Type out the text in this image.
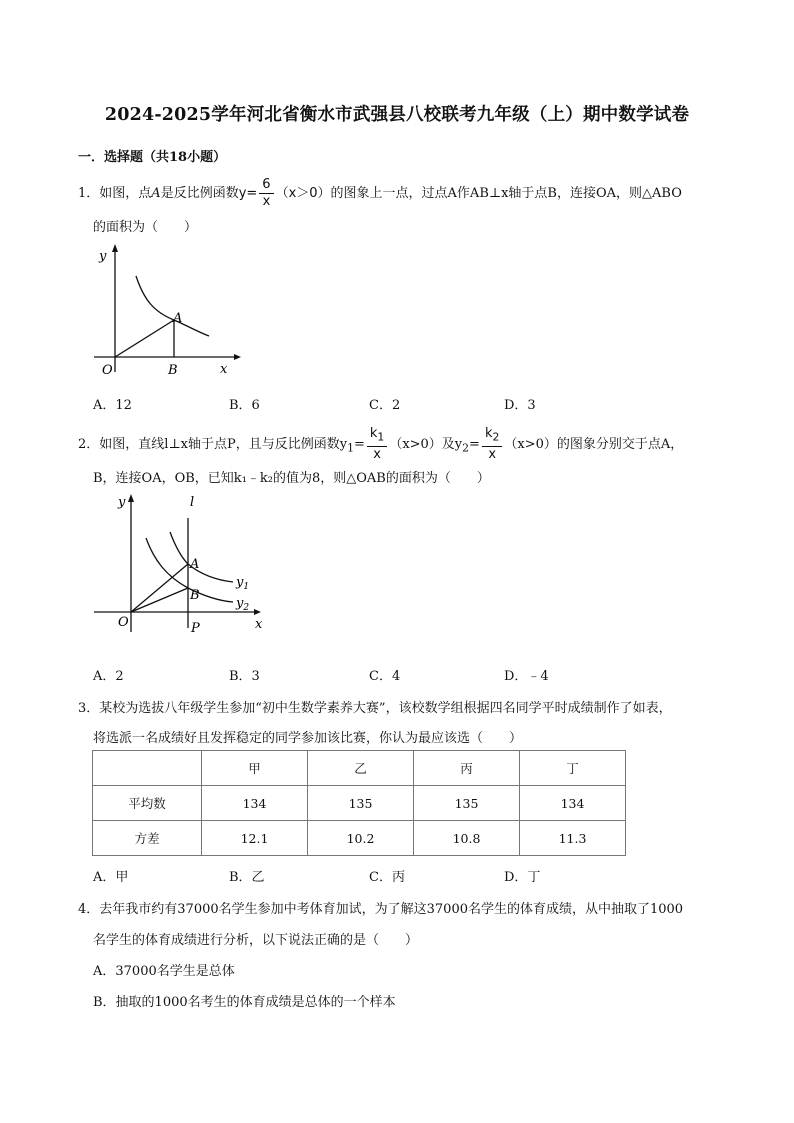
2024-2025学年河北省衡水市武强县八校联考九年级（上）期中数学试卷
一．选择题（共18小题）
1．如图，点A是反比例函数$y= \frac{6}{x} (x>0)$的图象上一点，过点A作AB⊥x轴于点B，连接OA，则△ABO
的面积为（　　）
y
x
O
A
B
A．12	B．6	C．2	D．3
2．如图，直线l⊥x轴于点P，且与反比例函数$y_1= \frac{k_1}{x} (x>0)$及$y_2= \frac{k_2}{x} (x>0)$的图象分别交于点A，
B，连接OA，OB，已知k₁﹣k₂的值为8，则△OAB的面积为（　　）
y
x
O	P
l
A
B
$y_1$
$y_2$
A．2	B．3	C．4	D．﹣4
3．某校为选拔八年级学生参加“初中生数学素养大赛”，该校数学组根据四名同学平时成绩制作了如表，
将选派一名成绩好且发挥稳定的同学参加该比赛，你认为最应该选（　　）
	甲	乙	丙	丁
平均数	134	135	135	134
方差	12.1	10.2	10.8	11.3
A．甲	B．乙	C．丙	D．丁
4．去年我市约有37000名学生参加中考体育加试，为了解这37000名学生的体育成绩，从中抽取了1000
名学生的体育成绩进行分析，以下说法正确的是（　　）
A．37000名学生是总体
B．抽取的1000名考生的体育成绩是总体的一个样本
